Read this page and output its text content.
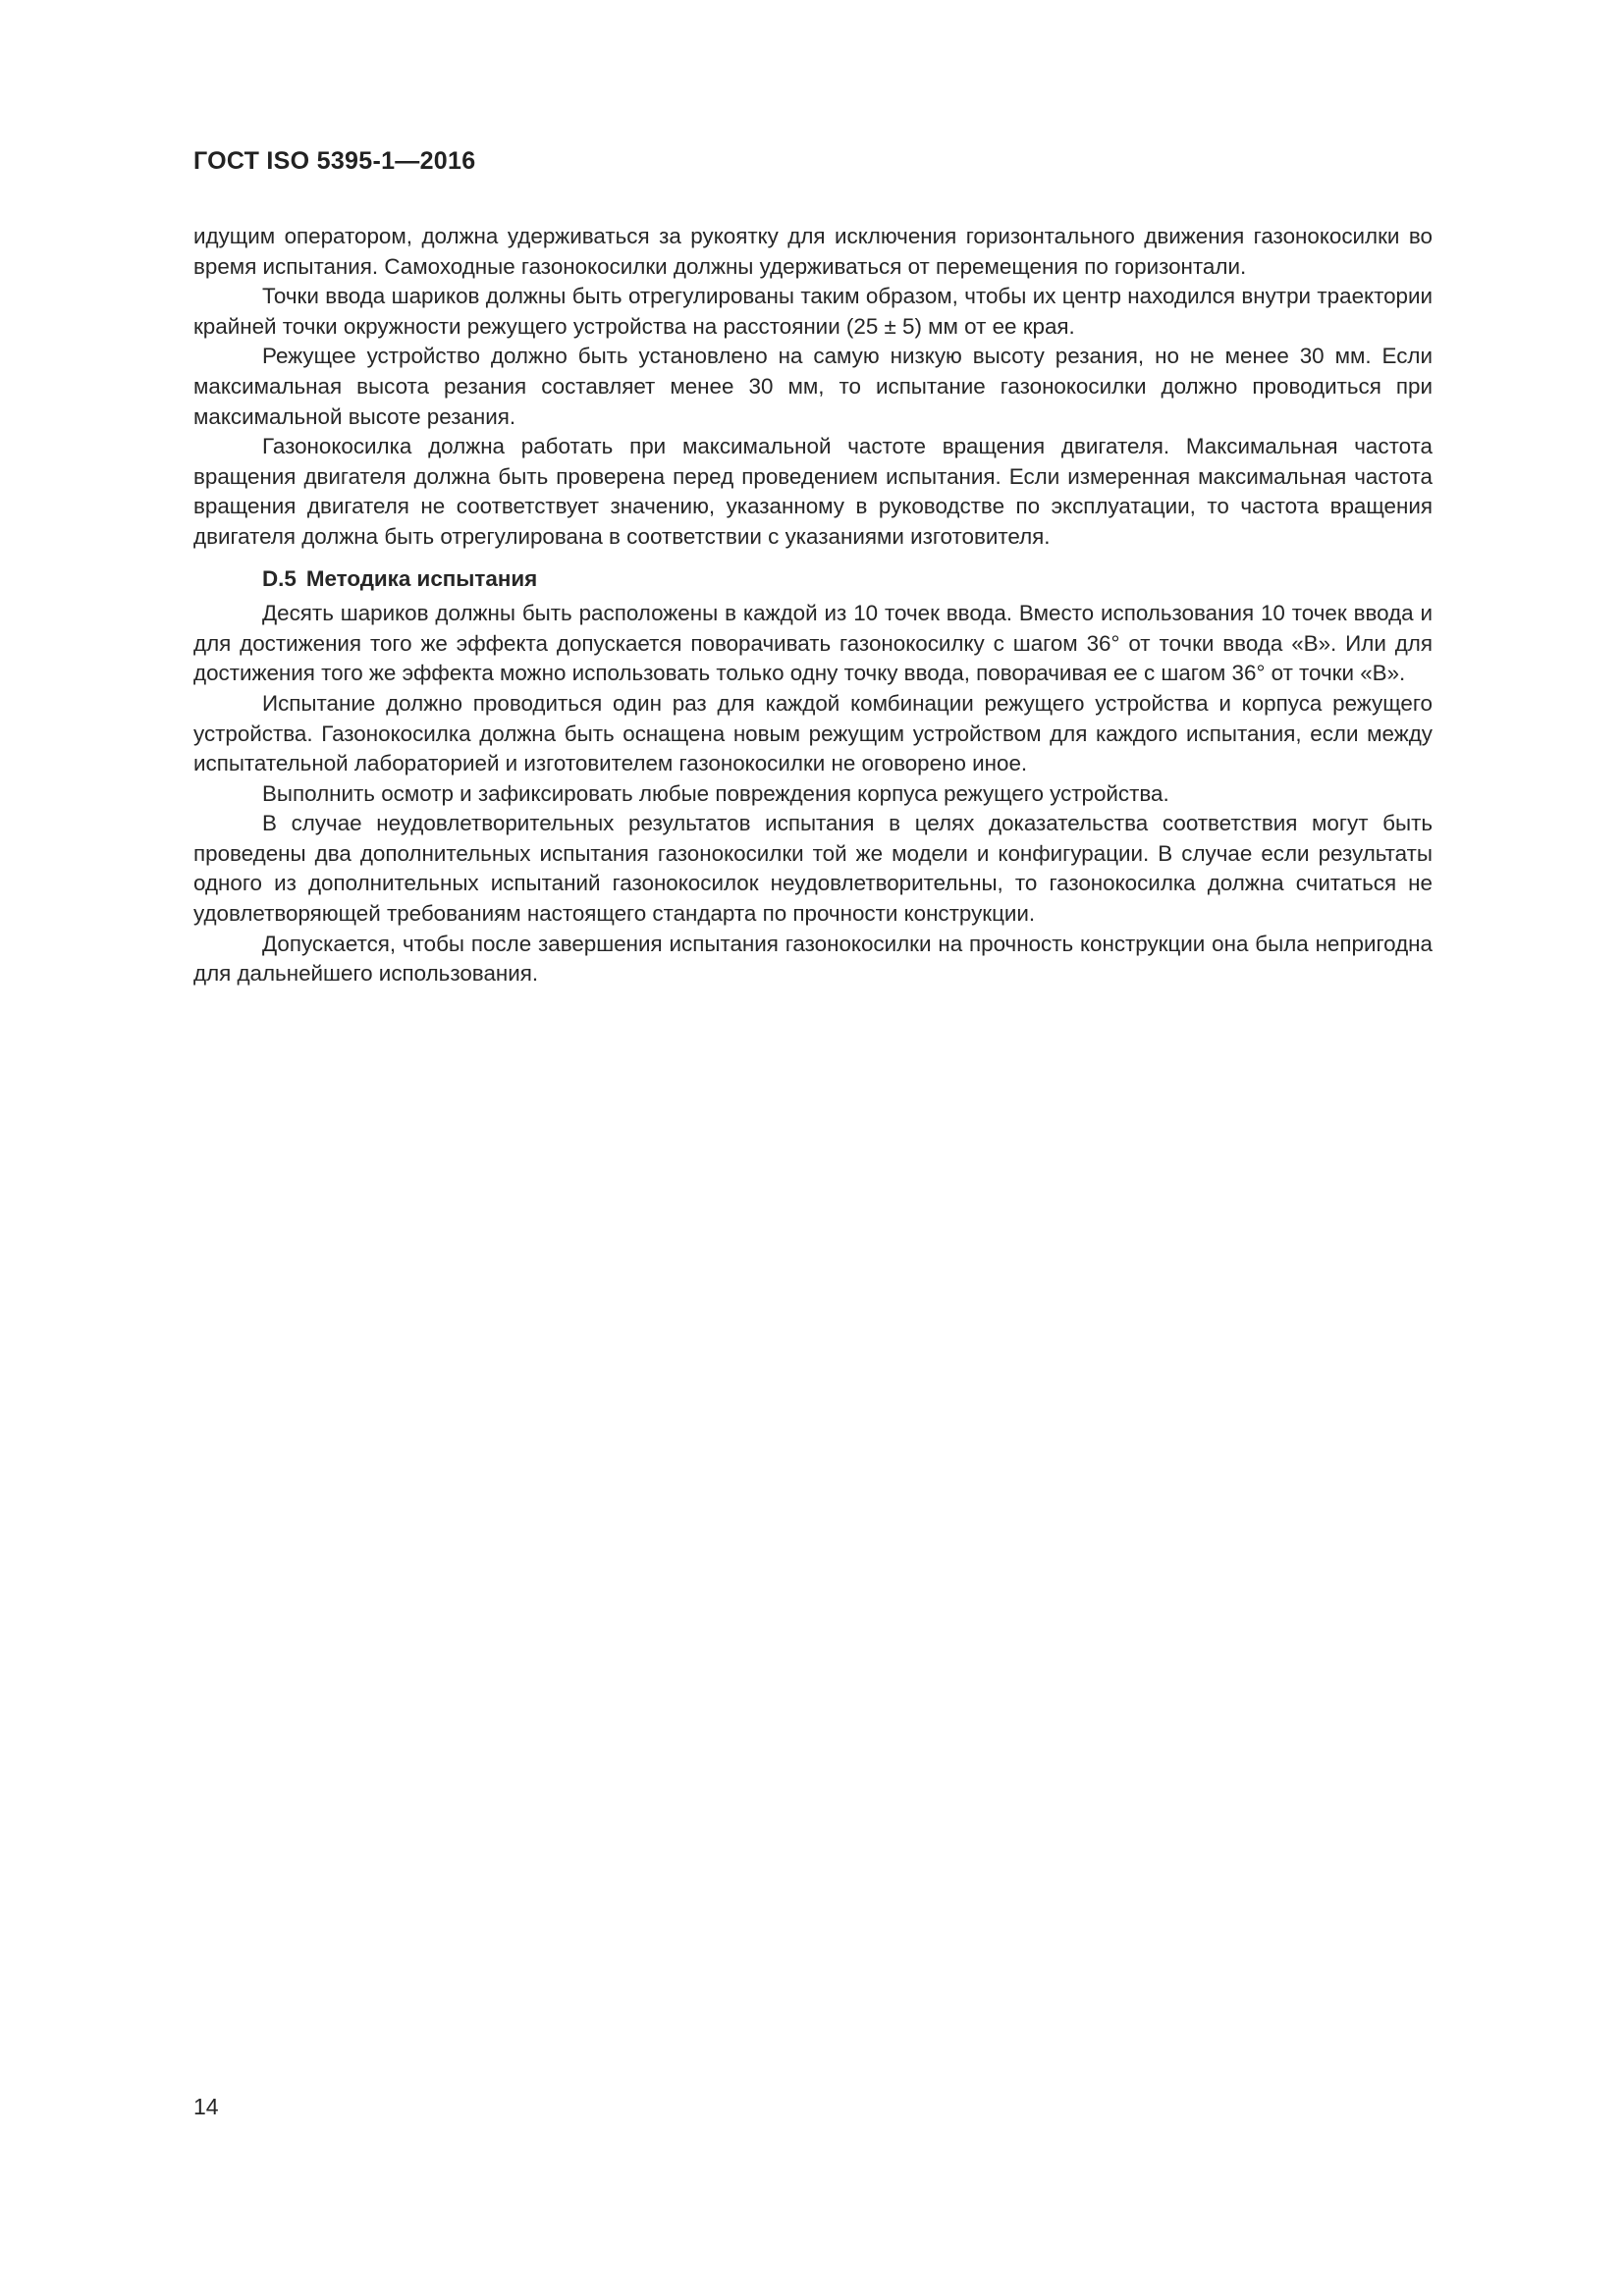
ГОСТ ISO 5395-1—2016

идущим оператором, должна удерживаться за рукоятку для исключения горизонтального движения газонокосилки во время испытания. Самоходные газонокосилки должны удерживаться от перемещения по горизонтали.

Точки ввода шариков должны быть отрегулированы таким образом, чтобы их центр находился внутри траектории крайней точки окружности режущего устройства на расстоянии (25 ± 5) мм от ее края.

Режущее устройство должно быть установлено на самую низкую высоту резания, но не менее 30 мм. Если максимальная высота резания составляет менее 30 мм, то испытание газонокосилки должно проводиться при максимальной высоте резания.

Газонокосилка должна работать при максимальной частоте вращения двигателя. Максимальная частота вращения двигателя должна быть проверена перед проведением испытания. Если измеренная максимальная частота вращения двигателя не соответствует значению, указанному в руководстве по эксплуатации, то частота вращения двигателя должна быть отрегулирована в соответствии с указаниями изготовителя.

D.5 Методика испытания

Десять шариков должны быть расположены в каждой из 10 точек ввода. Вместо использования 10 точек ввода и для достижения того же эффекта допускается поворачивать газонокосилку с шагом 36° от точки ввода «В». Или для достижения того же эффекта можно использовать только одну точку ввода, поворачивая ее с шагом 36° от точки «В».

Испытание должно проводиться один раз для каждой комбинации режущего устройства и корпуса режущего устройства. Газонокосилка должна быть оснащена новым режущим устройством для каждого испытания, если между испытательной лабораторией и изготовителем газонокосилки не оговорено иное.

Выполнить осмотр и зафиксировать любые повреждения корпуса режущего устройства.

В случае неудовлетворительных результатов испытания в целях доказательства соответствия могут быть проведены два дополнительных испытания газонокосилки той же модели и конфигурации. В случае если результаты одного из дополнительных испытаний газонокосилок неудовлетворительны, то газонокосилка должна считаться не удовлетворяющей требованиям настоящего стандарта по прочности конструкции.

Допускается, чтобы после завершения испытания газонокосилки на прочность конструкции она была непригодна для дальнейшего использования.

14
